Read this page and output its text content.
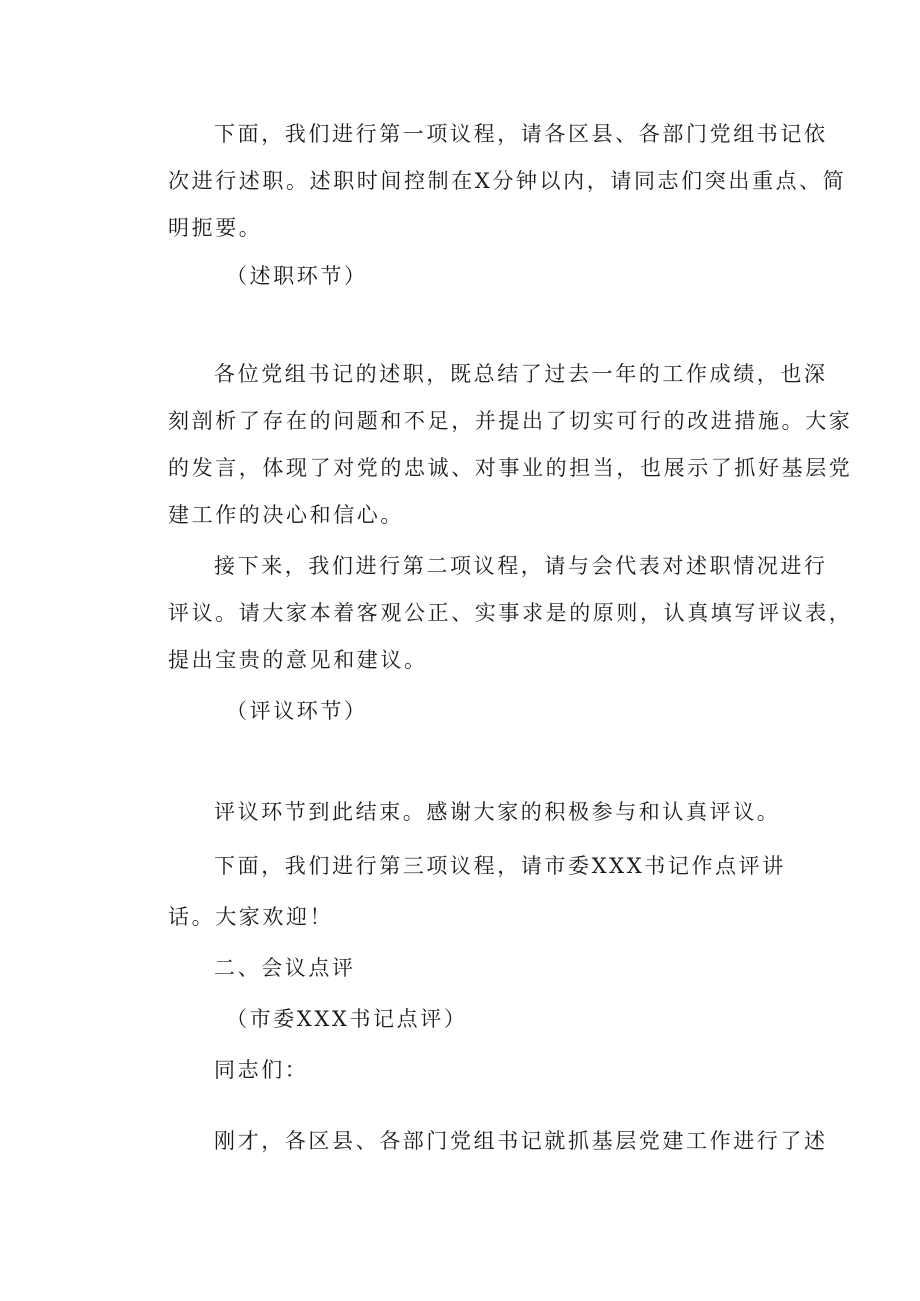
下面，我们进行第一项议程，请各区县、各部门党组书记依
次进行述职。述职时间控制在X分钟以内，请同志们突出重点、简
明扼要。
（述职环节）
各位党组书记的述职，既总结了过去一年的工作成绩，也深
刻剖析了存在的问题和不足，并提出了切实可行的改进措施。大家
的发言，体现了对党的忠诚、对事业的担当，也展示了抓好基层党
建工作的决心和信心。
接下来，我们进行第二项议程，请与会代表对述职情况进行
评议。请大家本着客观公正、实事求是的原则，认真填写评议表，
提出宝贵的意见和建议。
（评议环节）
评议环节到此结束。感谢大家的积极参与和认真评议。
下面，我们进行第三项议程，请市委XXX书记作点评讲
话。大家欢迎！
二、会议点评
（市委XXX书记点评）
同志们：
刚才，各区县、各部门党组书记就抓基层党建工作进行了述
